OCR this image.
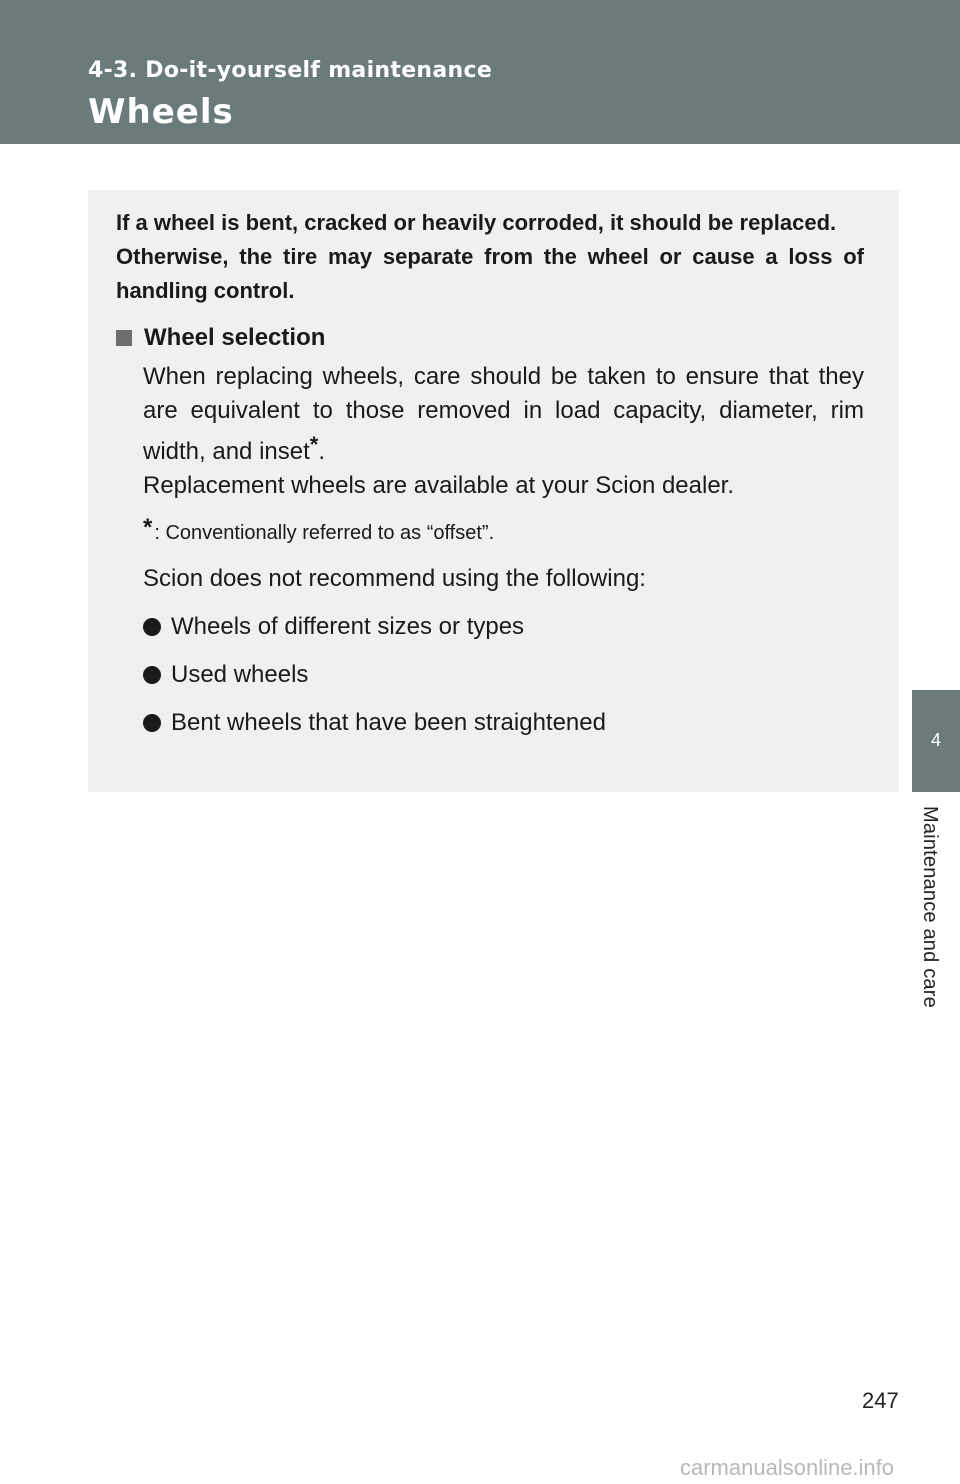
4-3. Do-it-yourself maintenance
Wheels

If a wheel is bent, cracked or heavily corroded, it should be replaced.

Otherwise, the tire may separate from the wheel or cause a loss of handling control.

Wheel selection
When replacing wheels, care should be taken to ensure that they are equivalent to those removed in load capacity, diameter, rim width, and inset*.
Replacement wheels are available at your Scion dealer.
* : Conventionally referred to as “offset”.
Scion does not recommend using the following:
Wheels of different sizes or types
Used wheels
Bent wheels that have been straightened
4
Maintenance and care
247
carmanualsonline.info
